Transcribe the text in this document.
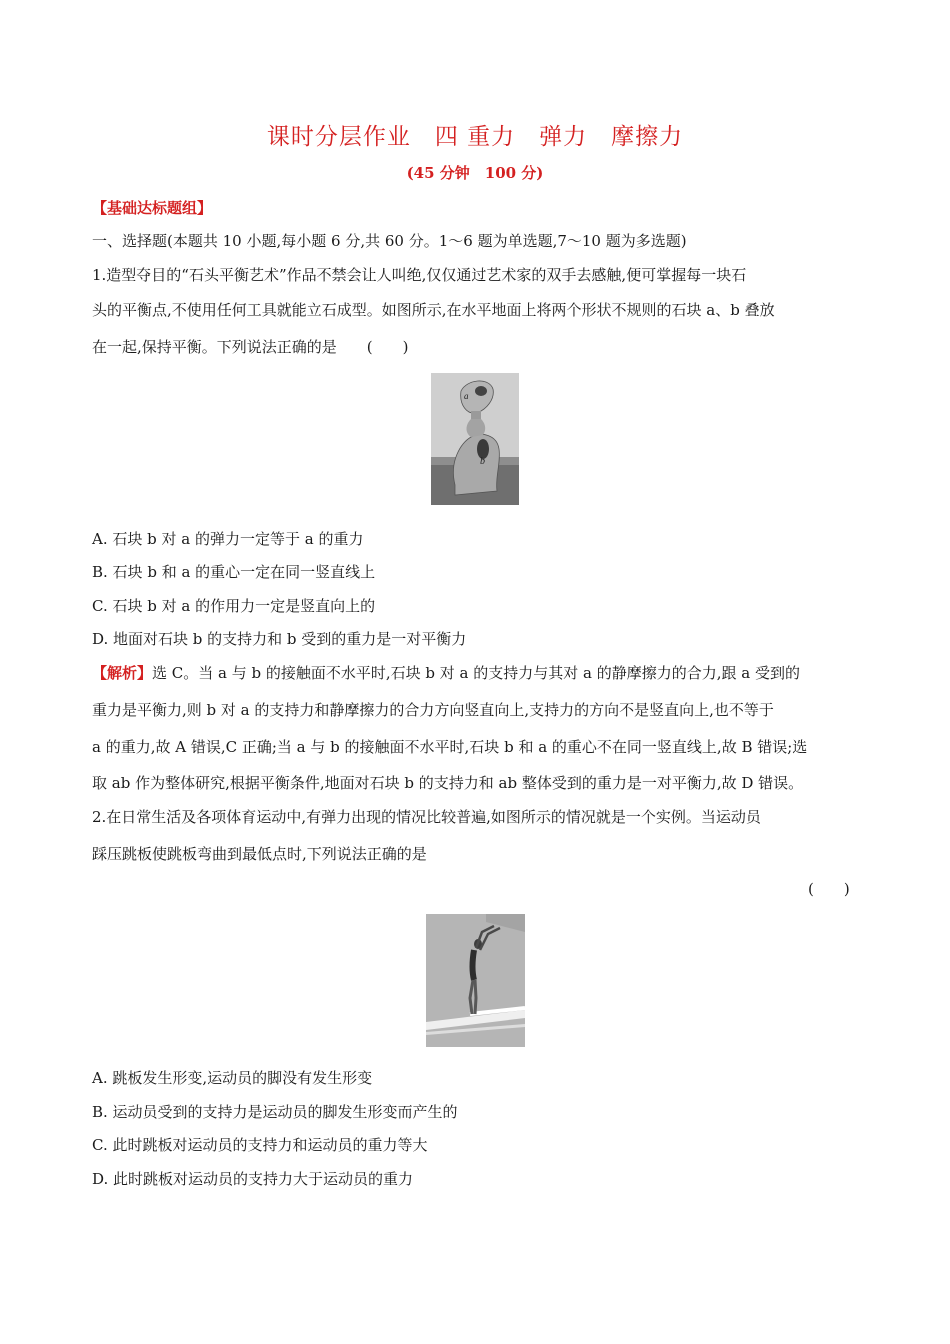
课时分层作业　四 重力　弹力　摩擦力
(45 分钟　100 分)
【基础达标题组】
一、选择题(本题共 10 小题,每小题 6 分,共 60 分。1～6 题为单选题,7～10 题为多选题)
1.造型夺目的“石头平衡艺术”作品不禁会让人叫绝,仅仅通过艺术家的双手去感触,便可掌握每一块石
头的平衡点,不使用任何工具就能立石成型。如图所示,在水平地面上将两个形状不规则的石块 a、b 叠放
在一起,保持平衡。下列说法正确的是　　(　　)
a
b
A. 石块 b 对 a 的弹力一定等于 a 的重力
B. 石块 b 和 a 的重心一定在同一竖直线上
C. 石块 b 对 a 的作用力一定是竖直向上的
D. 地面对石块 b 的支持力和 b 受到的重力是一对平衡力
【解析】选 C。当 a 与 b 的接触面不水平时,石块 b 对 a 的支持力与其对 a 的静摩擦力的合力,跟 a 受到的
重力是平衡力,则 b 对 a 的支持力和静摩擦力的合力方向竖直向上,支持力的方向不是竖直向上,也不等于
a 的重力,故 A 错误,C 正确;当 a 与 b 的接触面不水平时,石块 b 和 a 的重心不在同一竖直线上,故 B 错误;选
取 ab 作为整体研究,根据平衡条件,地面对石块 b 的支持力和 ab 整体受到的重力是一对平衡力,故 D 错误。
2.在日常生活及各项体育运动中,有弹力出现的情况比较普遍,如图所示的情况就是一个实例。当运动员
踩压跳板使跳板弯曲到最低点时,下列说法正确的是
(　　)
A. 跳板发生形变,运动员的脚没有发生形变
B. 运动员受到的支持力是运动员的脚发生形变而产生的
C. 此时跳板对运动员的支持力和运动员的重力等大
D. 此时跳板对运动员的支持力大于运动员的重力
